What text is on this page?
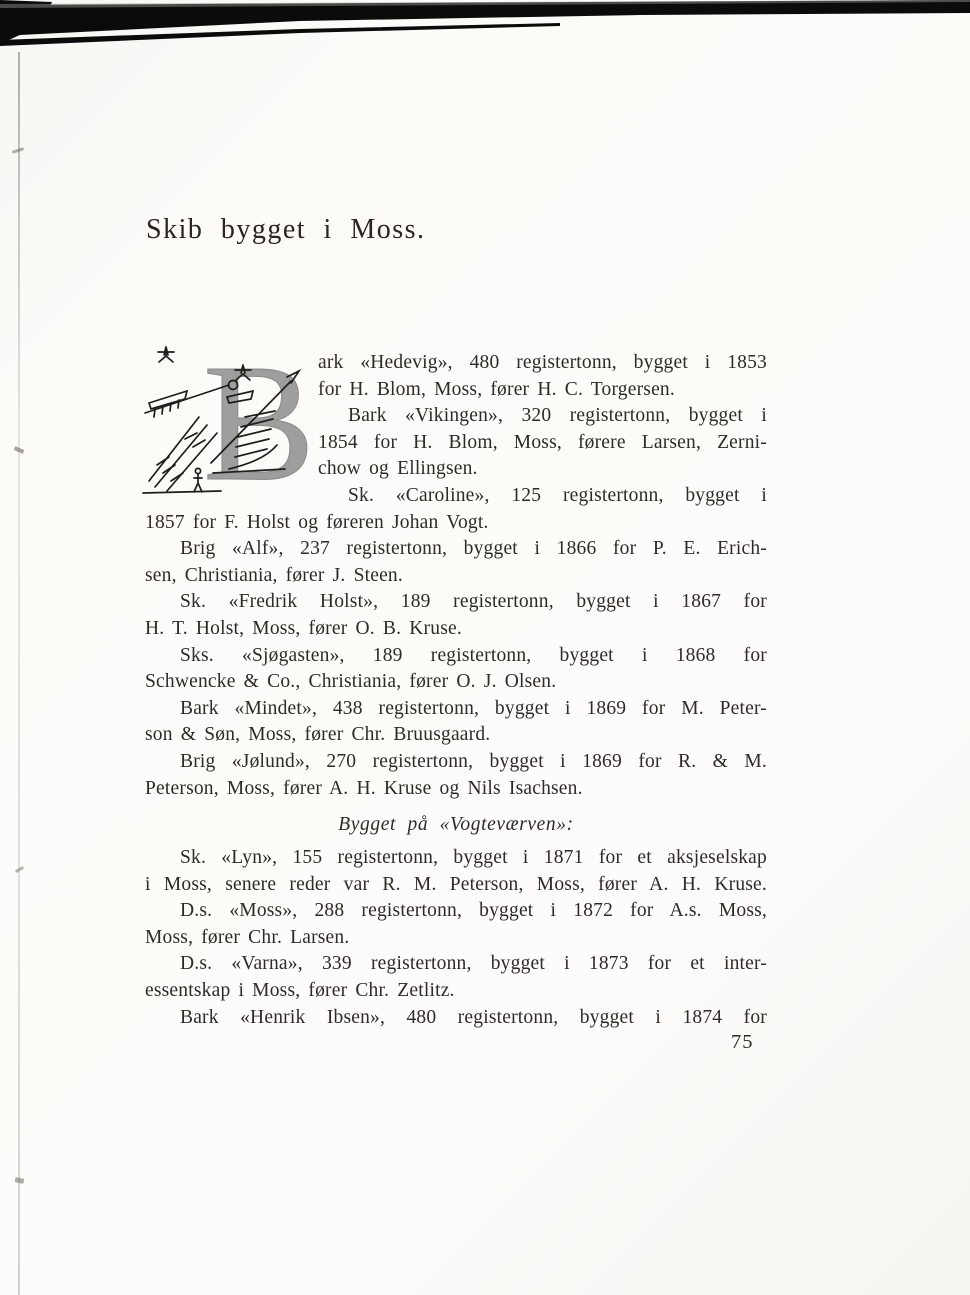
Skib bygget i Moss.
B ark «Hedevig», 480 registertonn, bygget i 1853
for H. Blom, Moss, fører H. C. Torgersen.
Bark «Vikingen», 320 registertonn, bygget i
1854 for H. Blom, Moss, førere Larsen, Zerni-
chow og Ellingsen.
Sk. «Caroline», 125 registertonn, bygget i
1857 for F. Holst og føreren Johan Vogt.
Brig «Alf», 237 registertonn, bygget i 1866 for P. E. Erich-
sen, Christiania, fører J. Steen.
Sk. «Fredrik Holst», 189 registertonn, bygget i 1867 for
H. T. Holst, Moss, fører O. B. Kruse.
Sks. «Sjøgasten», 189 registertonn, bygget i 1868 for
Schwencke & Co., Christiania, fører O. J. Olsen.
Bark «Mindet», 438 registertonn, bygget i 1869 for M. Peter-
son & Søn, Moss, fører Chr. Bruusgaard.
Brig «Jølund», 270 registertonn, bygget i 1869 for R. & M.
Peterson, Moss, fører A. H. Kruse og Nils Isachsen.
Bygget på «Vogteværven»:
Sk. «Lyn», 155 registertonn, bygget i 1871 for et aksjeselskap
i Moss, senere reder var R. M. Peterson, Moss, fører A. H. Kruse.
D.s. «Moss», 288 registertonn, bygget i 1872 for A.s. Moss,
Moss, fører Chr. Larsen.
D.s. «Varna», 339 registertonn, bygget i 1873 for et inter-
essentskap i Moss, fører Chr. Zetlitz.
Bark «Henrik Ibsen», 480 registertonn, bygget i 1874 for
75
